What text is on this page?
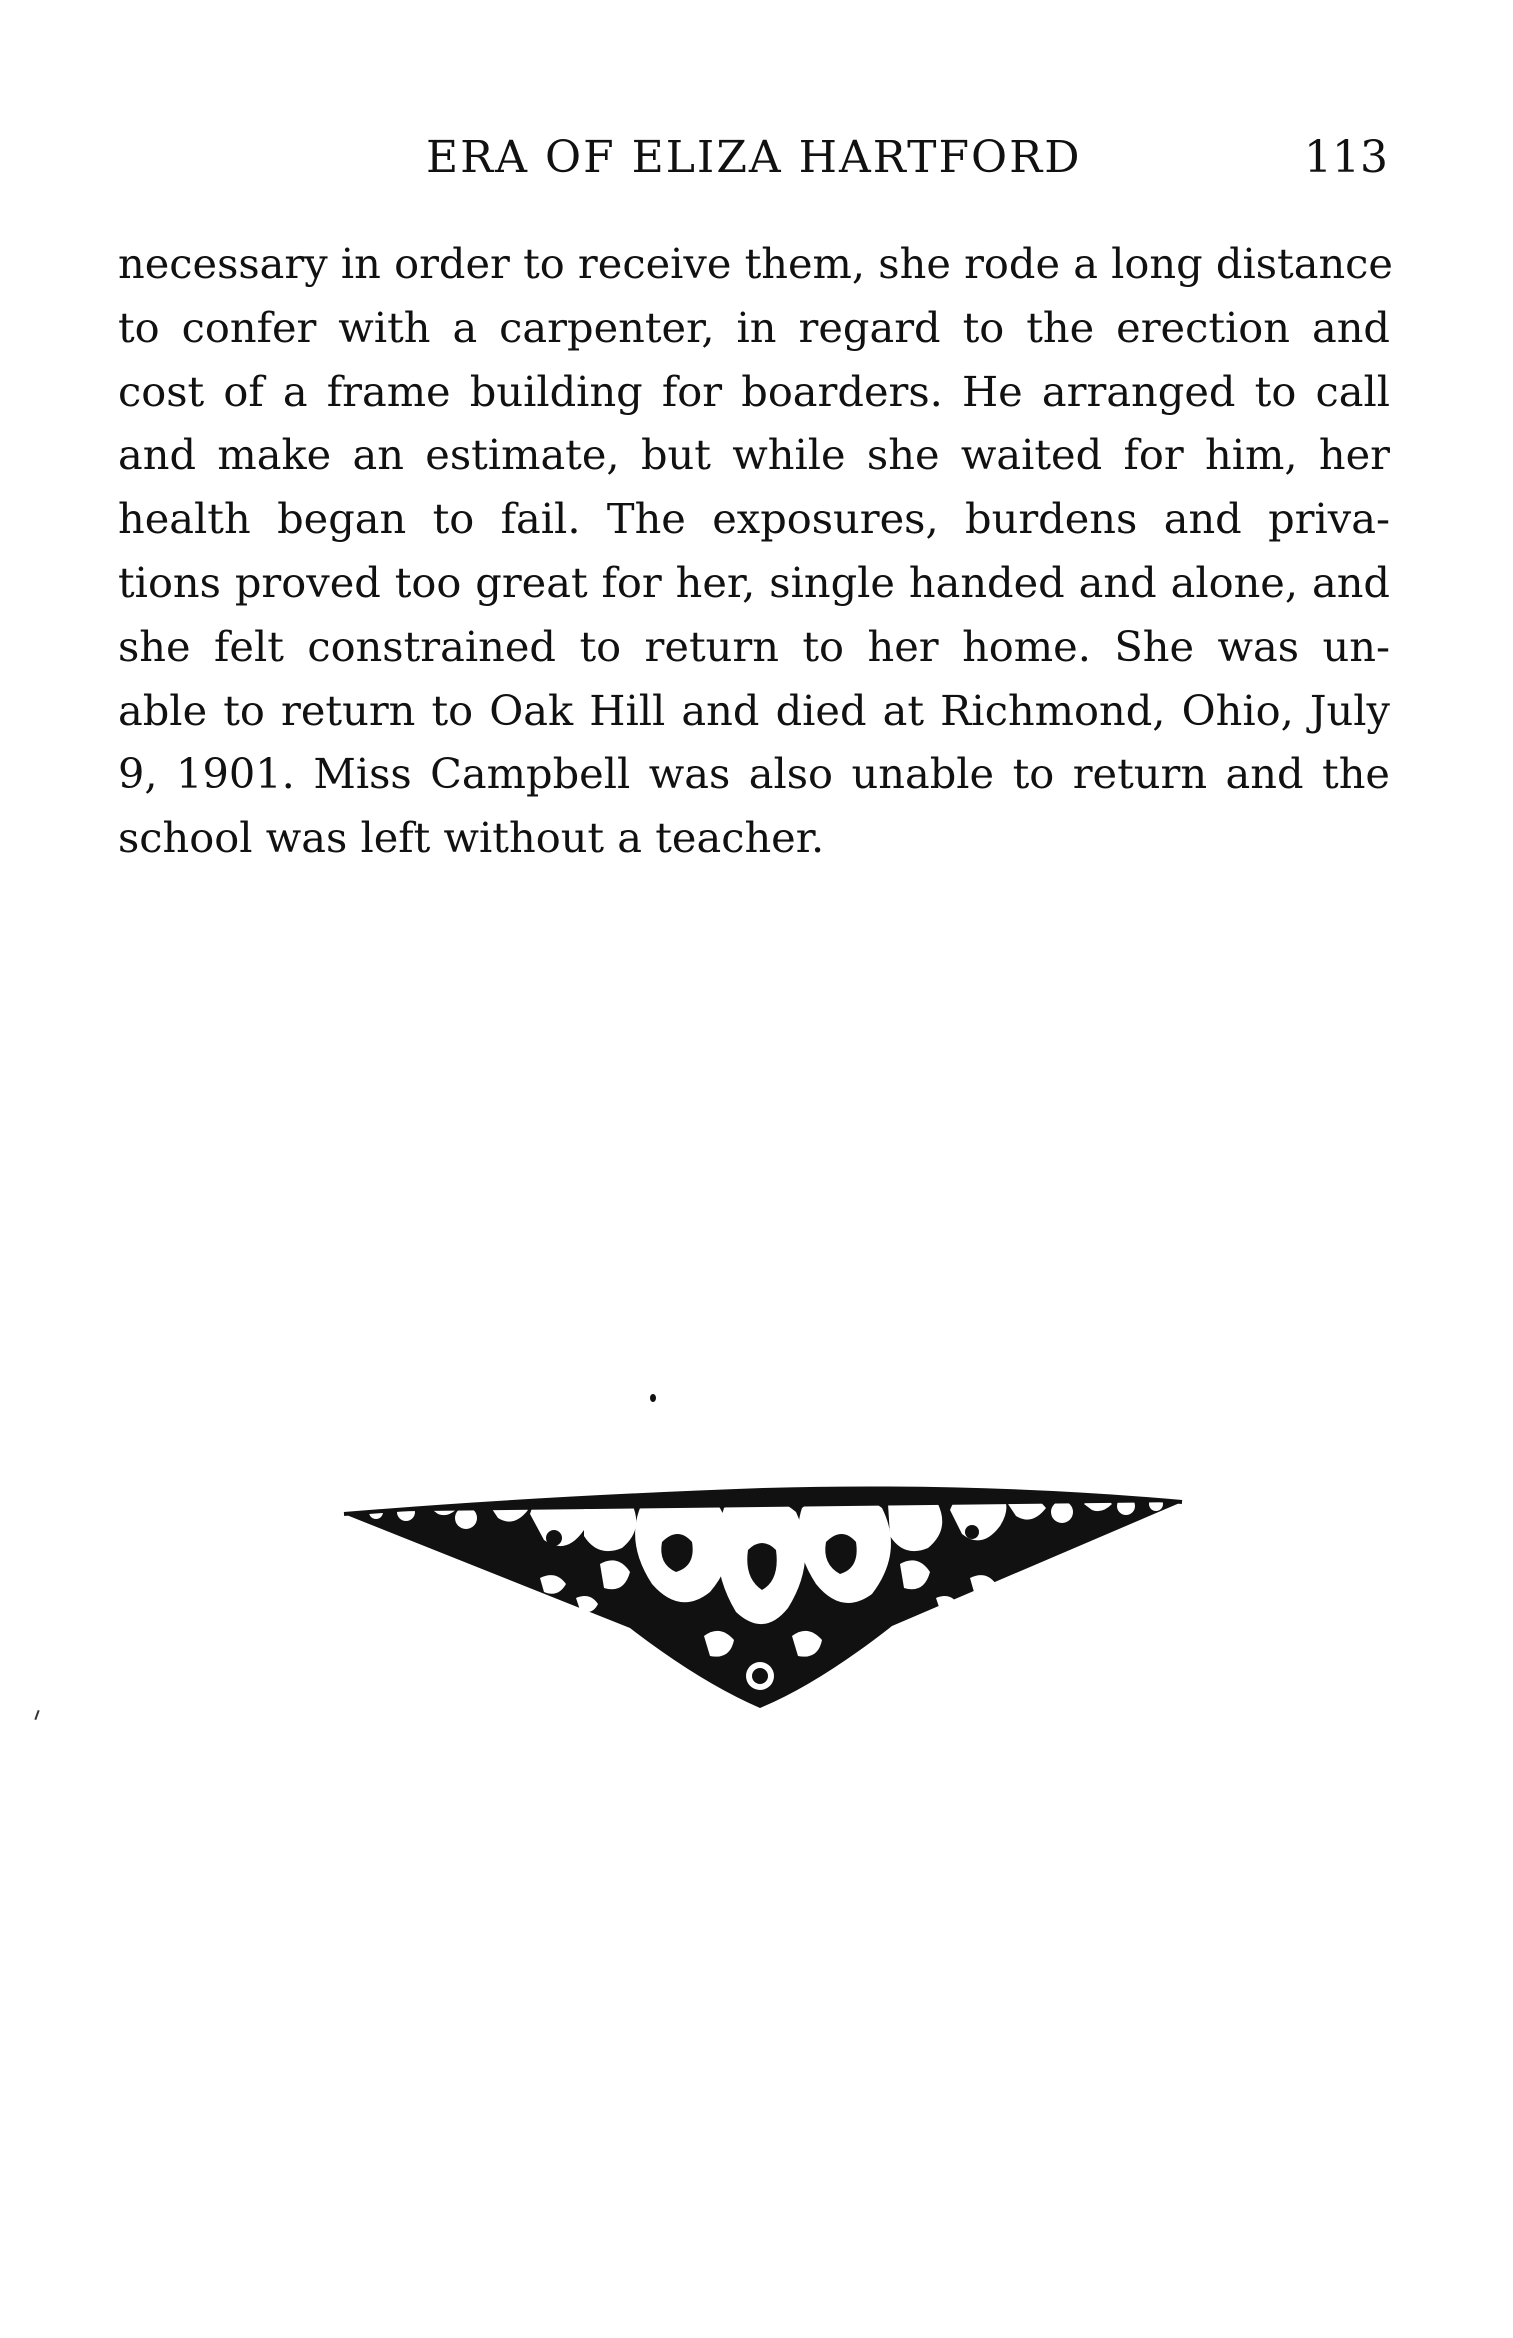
ERA OF ELIZA HARTFORD	113
necessary in order to receive them, she rode a long distance
to confer with a carpenter, in regard to the erection and
cost of a frame building for boarders. He arranged to call
and make an estimate, but while she waited for him, her
health began to fail. The exposures, burdens and priva-
tions proved too great for her, single handed and alone, and
she felt constrained to return to her home. She was un-
able to return to Oak Hill and died at Richmond, Ohio, July
9, 1901. Miss Campbell was also unable to return and the
school was left without a teacher.
